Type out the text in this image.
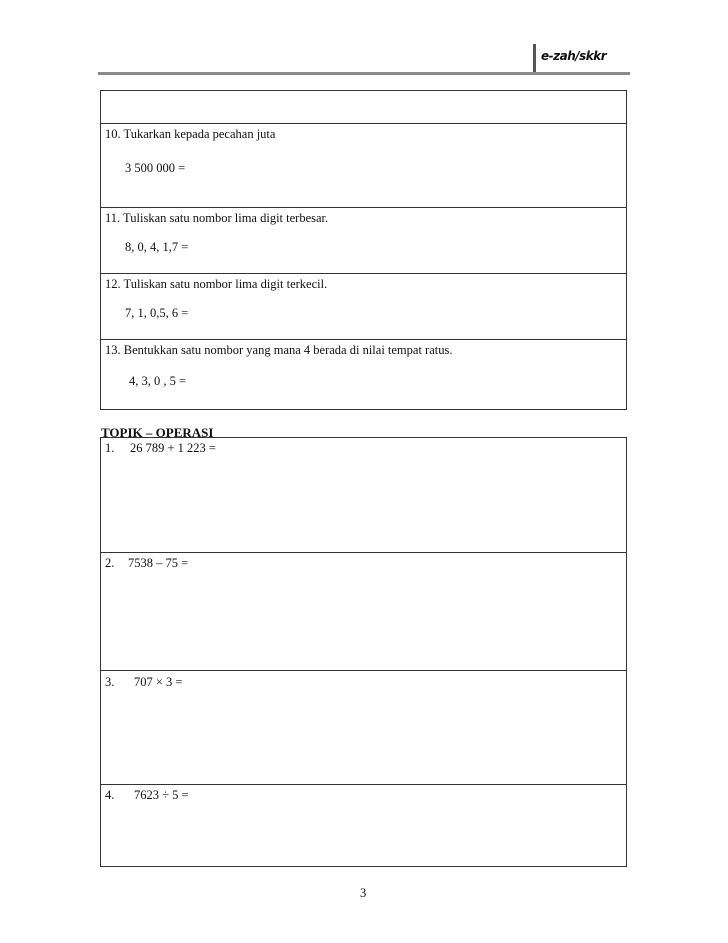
e-zah/skkr
10. Tukarkan kepada pecahan juta
3 500 000 =
11. Tuliskan satu nombor lima digit terbesar.
8, 0, 4, 1,7 =
12. Tuliskan satu nombor lima digit terkecil.
7, 1, 0,5, 6 =
13. Bentukkan satu nombor yang mana 4 berada di nilai tempat ratus.
4, 3, 0 , 5 =
TOPIK – OPERASI
1. 26 789 + 1 223 =
2. 7538 – 75 =
3. 707 × 3 =
4. 7623 ÷ 5 =
3
